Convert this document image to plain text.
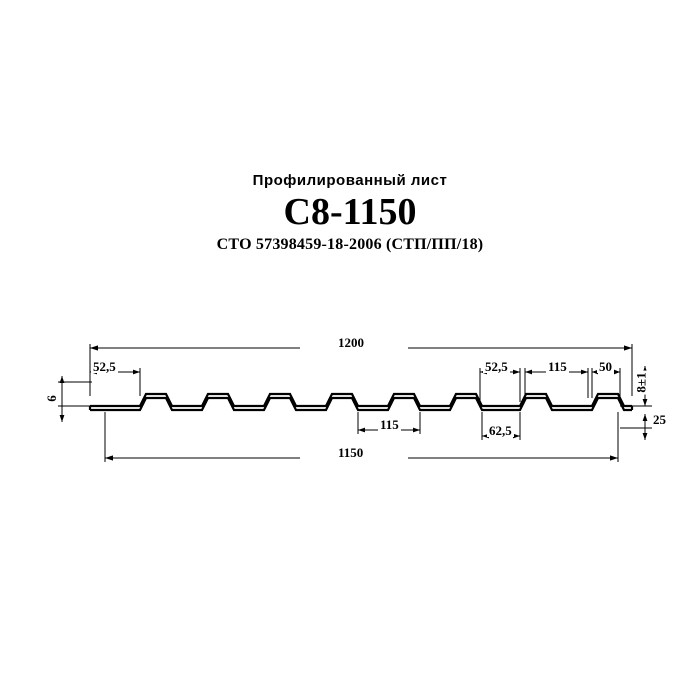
Профилированный лист
C8-1150
СТО 57398459-18-2006 (СТП/ПП/18)
1200
52,5	52,5	115 50
8±1
6
25
115	62,5
1150
